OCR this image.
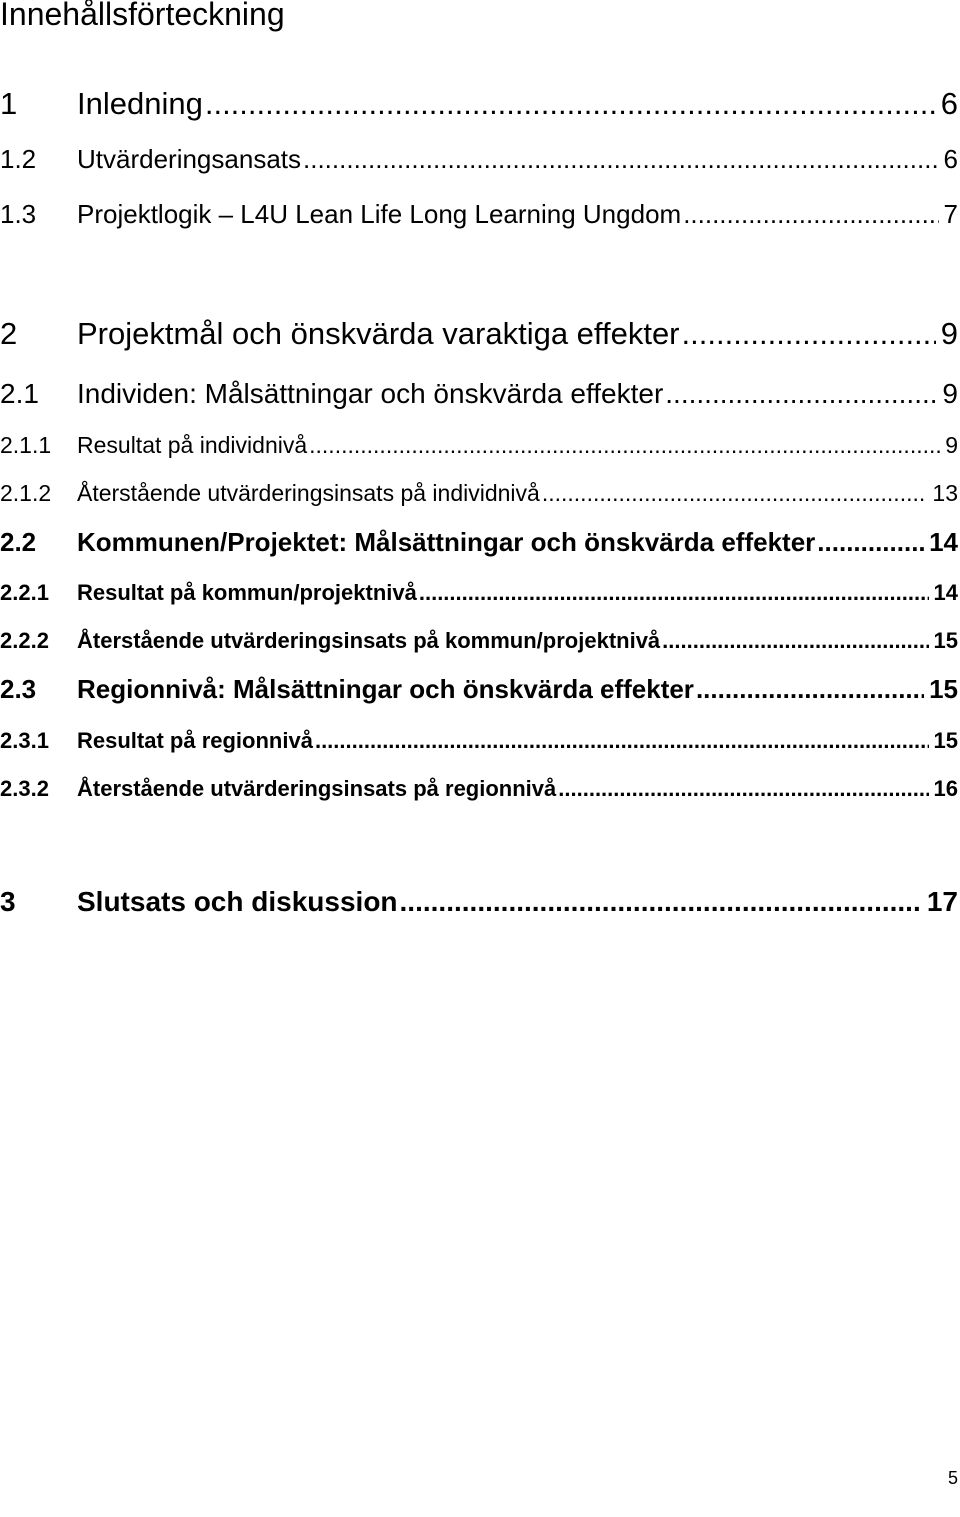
Innehållsförteckning
1	Inledning .....	6
1.2	Utvärderingsansats .....	6
1.3	Projektlogik – L4U Lean Life Long Learning Ungdom .....	7
2	Projektmål och önskvärda varaktiga effekter .....	9
2.1	Individen: Målsättningar och önskvärda effekter .....	9
2.1.1	Resultat på individnivå .....	9
2.1.2	Återstående utvärderingsinsats på individnivå .....	13
2.2	Kommunen/Projektet: Målsättningar och önskvärda effekter .....	14
2.2.1	Resultat på kommun/projektnivå .....	14
2.2.2	Återstående utvärderingsinsats på kommun/projektnivå .....	15
2.3	Regionnivå: Målsättningar och önskvärda effekter .....	15
2.3.1	Resultat på regionnivå .....	15
2.3.2	Återstående utvärderingsinsats på regionnivå .....	16
3	Slutsats och diskussion .....	17
5
